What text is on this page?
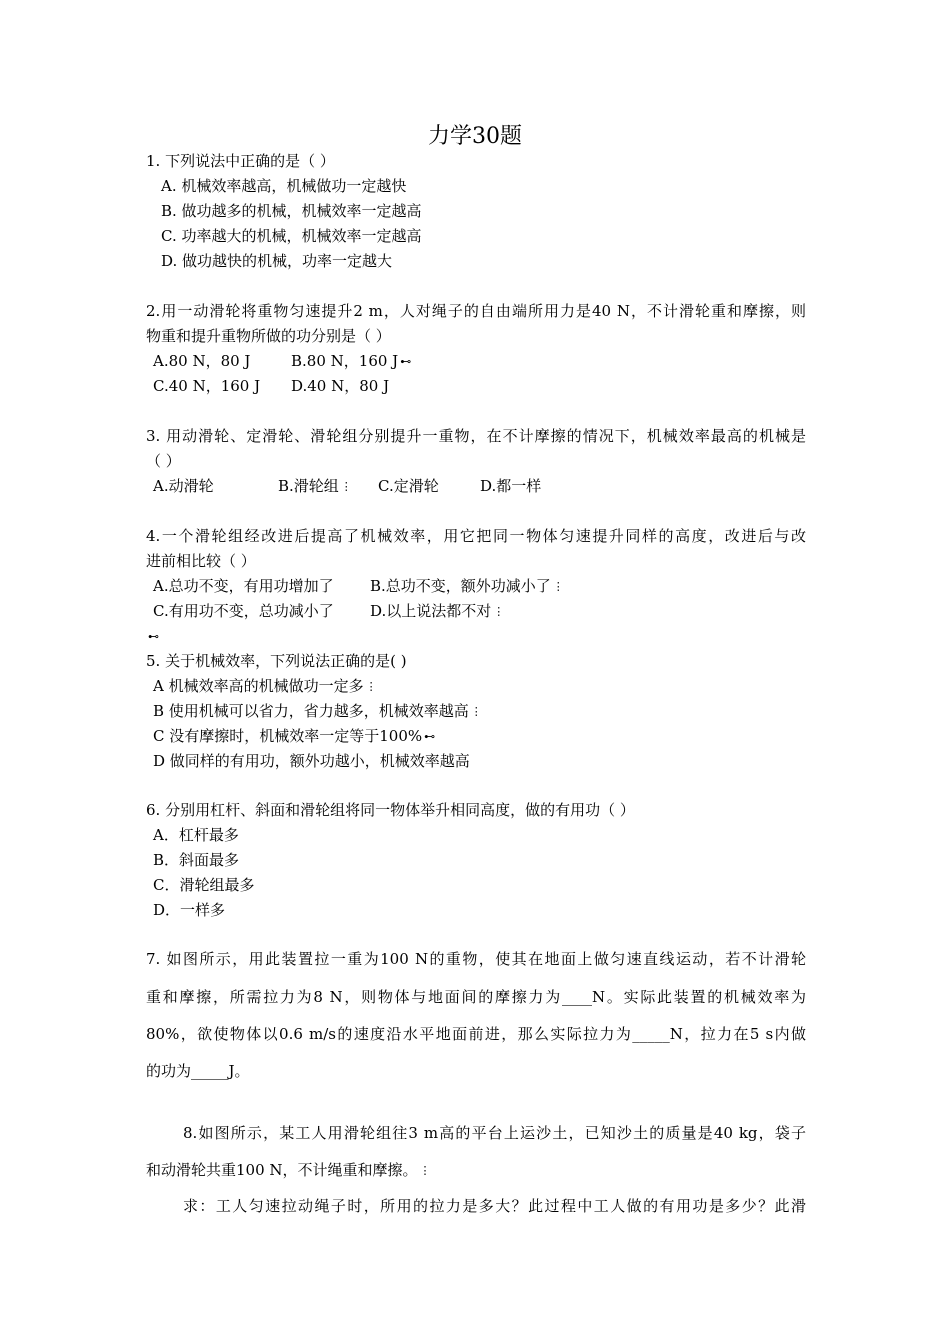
力学30题
1. 下列说法中正确的是（ ）
A. 机械效率越高，机械做功一定越快
B. 做功越多的机械，机械效率一定越高
C. 功率越大的机械，机械效率一定越高
D. 做功越快的机械，功率一定越大
2.用一动滑轮将重物匀速提升2 m，人对绳子的自由端所用力是40 N，不计滑轮重和摩擦，则
物重和提升重物所做的功分别是（ ）
A.80 N，80 J	B.80 N，160 J ⊷
C.40 N，160 J D.40 N，80 J
3. 用动滑轮、定滑轮、滑轮组分别提升一重物，在不计摩擦的情况下，机械效率最高的机械是
（ ）
A.动滑轮	B.滑轮组 ⋮ C.定滑轮	D.都一样
4.一个滑轮组经改进后提高了机械效率，用它把同一物体匀速提升同样的高度，改进后与改
进前相比较（ ）
A.总功不变，有用功增加了 B.总功不变，额外功减小了 ⋮
C.有用功不变，总功减小了 D.以上说法都不对 ⋮
⊷
5. 关于机械效率，下列说法正确的是( )
A 机械效率高的机械做功一定多 ⋮
B 使用机械可以省力，省力越多，机械效率越高 ⋮
C 没有摩擦时，机械效率一定等于100% ⊷
D 做同样的有用功，额外功越小，机械效率越高
6. 分别用杠杆、斜面和滑轮组将同一物体举升相同高度，做的有用功（ ）
A．杠杆最多
B．斜面最多
C．滑轮组最多
D．一样多
7. 如图所示，用此装置拉一重为100 N的重物，使其在地面上做匀速直线运动，若不计滑轮
重和摩擦，所需拉力为8 N，则物体与地面间的摩擦力为____N。实际此装置的机械效率为
80%，欲使物体以0.6 m/s的速度沿水平地面前进，那么实际拉力为_____N，拉力在5 s内做
的功为_____J。
8.如图所示，某工人用滑轮组往3 m高的平台上运沙土，已知沙土的质量是40 kg，袋子
和动滑轮共重100 N，不计绳重和摩擦。 ⋮
求：工人匀速拉动绳子时，所用的拉力是多大？此过程中工人做的有用功是多少？此滑
